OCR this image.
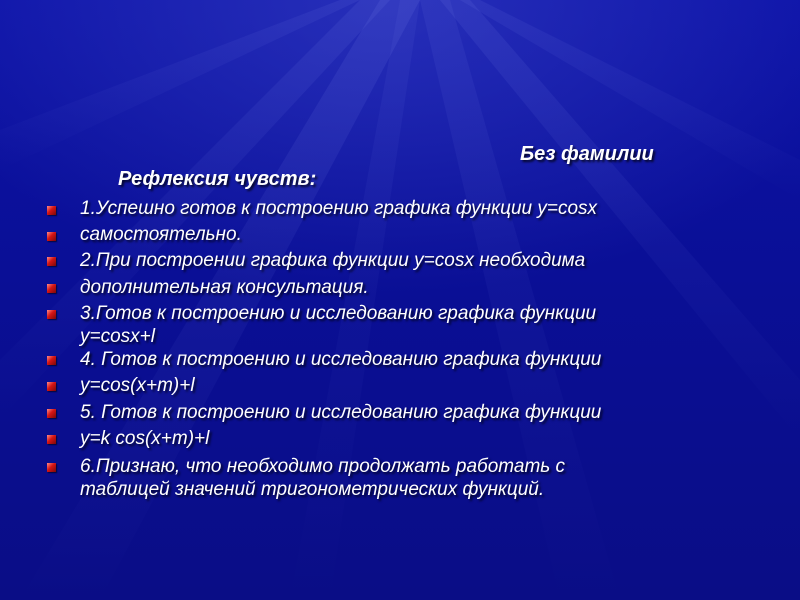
Без фамилии
Рефлексия чувств:
1.Успешно готов к построению графика функции у=cosх
самостоятельно.
2.При построении графика функции у=cosх необходима
дополнительная консультация.
3.Готов к построению и исследованию графика функции
у=cosх+l
4. Готов к построению и исследованию графика функции
у=cos(х+m)+l
5. Готов к построению и исследованию графика функции
у=k cos(х+m)+l
6.Признаю, что необходимо продолжать работать с
таблицей значений тригонометрических функций.
